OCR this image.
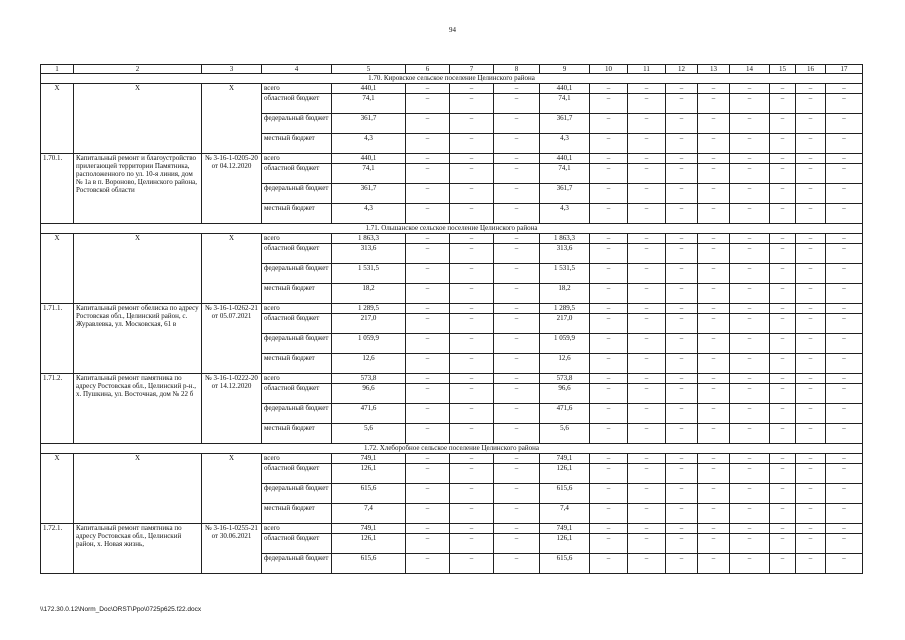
94
1	2	3	4	5	6	7	8	9	10	11	12	13	14	15	16	17
1.70. Кировское сельское поселение Целинского района																
X	X	X	всего	440,1	–	–	–	440,1	–	–	–	–	–	–	–	–
			областной бюджет	74,1	–	–	–	74,1	–	–	–	–	–	–	–	–
			федеральный бюджет	361,7	–	–	–	361,7	–	–	–	–	–	–	–	–
			местный бюджет	4,3	–	–	–	4,3	–	–	–	–	–	–	–	–
1.70.1.	Капитальный ремонт и благоустройство прилегающей территории Памятника, расположенного по ул. 10-я линия, дом № 1а в п. Вороново, Целинского района, Ростовской области	№ 3-16-1-0205-20 от 04.12.2020	всего	440,1	–	–	–	440,1	–	–	–	–	–	–	–	–
			областной бюджет	74,1	–	–	–	74,1	–	–	–	–	–	–	–	–
			федеральный бюджет	361,7	–	–	–	361,7	–	–	–	–	–	–	–	–
			местный бюджет	4,3	–	–	–	4,3	–	–	–	–	–	–	–	–
1.71. Ольшанское сельское поселение Целинского района																
X	X	X	всего	1 863,3	–	–	–	1 863,3	–	–	–	–	–	–	–	–
			областной бюджет	313,6	–	–	–	313,6	–	–	–	–	–	–	–	–
			федеральный бюджет	1 531,5	–	–	–	1 531,5	–	–	–	–	–	–	–	–
			местный бюджет	18,2	–	–	–	18,2	–	–	–	–	–	–	–	–
1.71.1.	Капитальный ремонт обелиска по адресу Ростовская обл., Целинский район, с. Журавлевка, ул. Московская, 61 в	№ 3-16-1-0262-21 от 05.07.2021	всего	1 289,5	–	–	–	1 289,5	–	–	–	–	–	–	–	–
			областной бюджет	217,0	–	–	–	217,0	–	–	–	–	–	–	–	–
			федеральный бюджет	1 059,9	–	–	–	1 059,9	–	–	–	–	–	–	–	–
			местный бюджет	12,6	–	–	–	12,6	–	–	–	–	–	–	–	–
1.71.2.	Капитальный ремонт памятника по адресу Ростовская обл., Целинский р-н., х. Пушкина, ул. Восточная, дом № 22 б	№ 3-16-1-0222-20 от 14.12.2020	всего	573,8	–	–	–	573,8	–	–	–	–	–	–	–	–
			областной бюджет	96,6	–	–	–	96,6	–	–	–	–	–	–	–	–
			федеральный бюджет	471,6	–	–	–	471,6	–	–	–	–	–	–	–	–
			местный бюджет	5,6	–	–	–	5,6	–	–	–	–	–	–	–	–
1.72. Хлеборобное сельское поселение Целинского района																
X	X	X	всего	749,1	–	–	–	749,1	–	–	–	–	–	–	–	–
			областной бюджет	126,1	–	–	–	126,1	–	–	–	–	–	–	–	–
			федеральный бюджет	615,6	–	–	–	615,6	–	–	–	–	–	–	–	–
			местный бюджет	7,4	–	–	–	7,4	–	–	–	–	–	–	–	–
1.72.1.	Капитальный ремонт памятника по адресу Ростовская обл., Целинский район, х. Новая жизнь,	№ 3-16-1-0255-21 от 30.06.2021	всего	749,1	–	–	–	749,1	–	–	–	–	–	–	–	–
			областной бюджет	126,1	–	–	–	126,1	–	–	–	–	–	–	–	–
			федеральный бюджет	615,6	–	–	–	615,6	–	–	–	–	–	–	–	–
\\172.30.0.12\Norm_Doc\ORST\Ppo\0725p625.f22.docx
